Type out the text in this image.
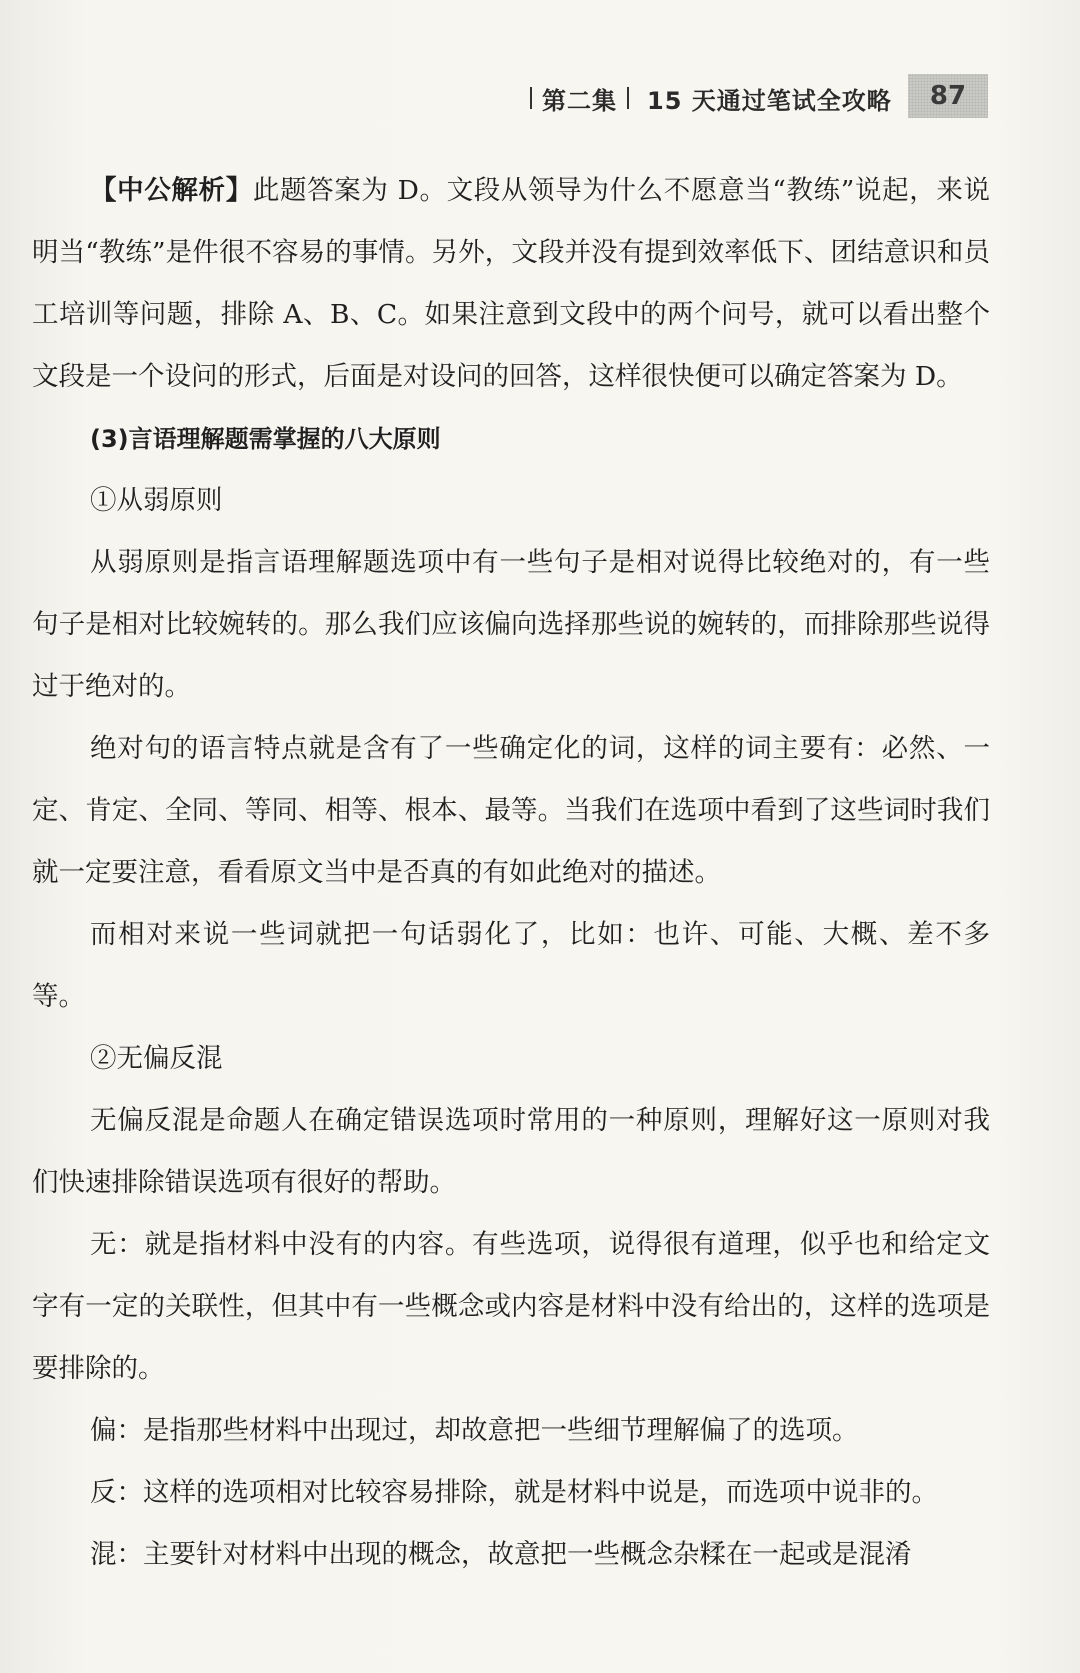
第二集 15 天通过笔试全攻略	87

【中公解析】此题答案为 D。文段从领导为什么不愿意当“教练”说起，来说明当“教练”是件很不容易的事情。另外，文段并没有提到效率低下、团结意识和员工培训等问题，排除 A、B、C。如果注意到文段中的两个问号，就可以看出整个文段是一个设问的形式，后面是对设问的回答，这样很快便可以确定答案为 D。

(3)言语理解题需掌握的八大原则

①从弱原则

从弱原则是指言语理解题选项中有一些句子是相对说得比较绝对的，有一些句子是相对比较婉转的。那么我们应该偏向选择那些说的婉转的，而排除那些说得过于绝对的。

绝对句的语言特点就是含有了一些确定化的词，这样的词主要有：必然、一定、肯定、全同、等同、相等、根本、最等。当我们在选项中看到了这些词时我们就一定要注意，看看原文当中是否真的有如此绝对的描述。

而相对来说一些词就把一句话弱化了，比如：也许、可能、大概、差不多等。

②无偏反混

无偏反混是命题人在确定错误选项时常用的一种原则，理解好这一原则对我们快速排除错误选项有很好的帮助。

无：就是指材料中没有的内容。有些选项，说得很有道理，似乎也和给定文字有一定的关联性，但其中有一些概念或内容是材料中没有给出的，这样的选项是要排除的。

偏：是指那些材料中出现过，却故意把一些细节理解偏了的选项。

反：这样的选项相对比较容易排除，就是材料中说是，而选项中说非的。

混：主要针对材料中出现的概念，故意把一些概念杂糅在一起或是混淆
